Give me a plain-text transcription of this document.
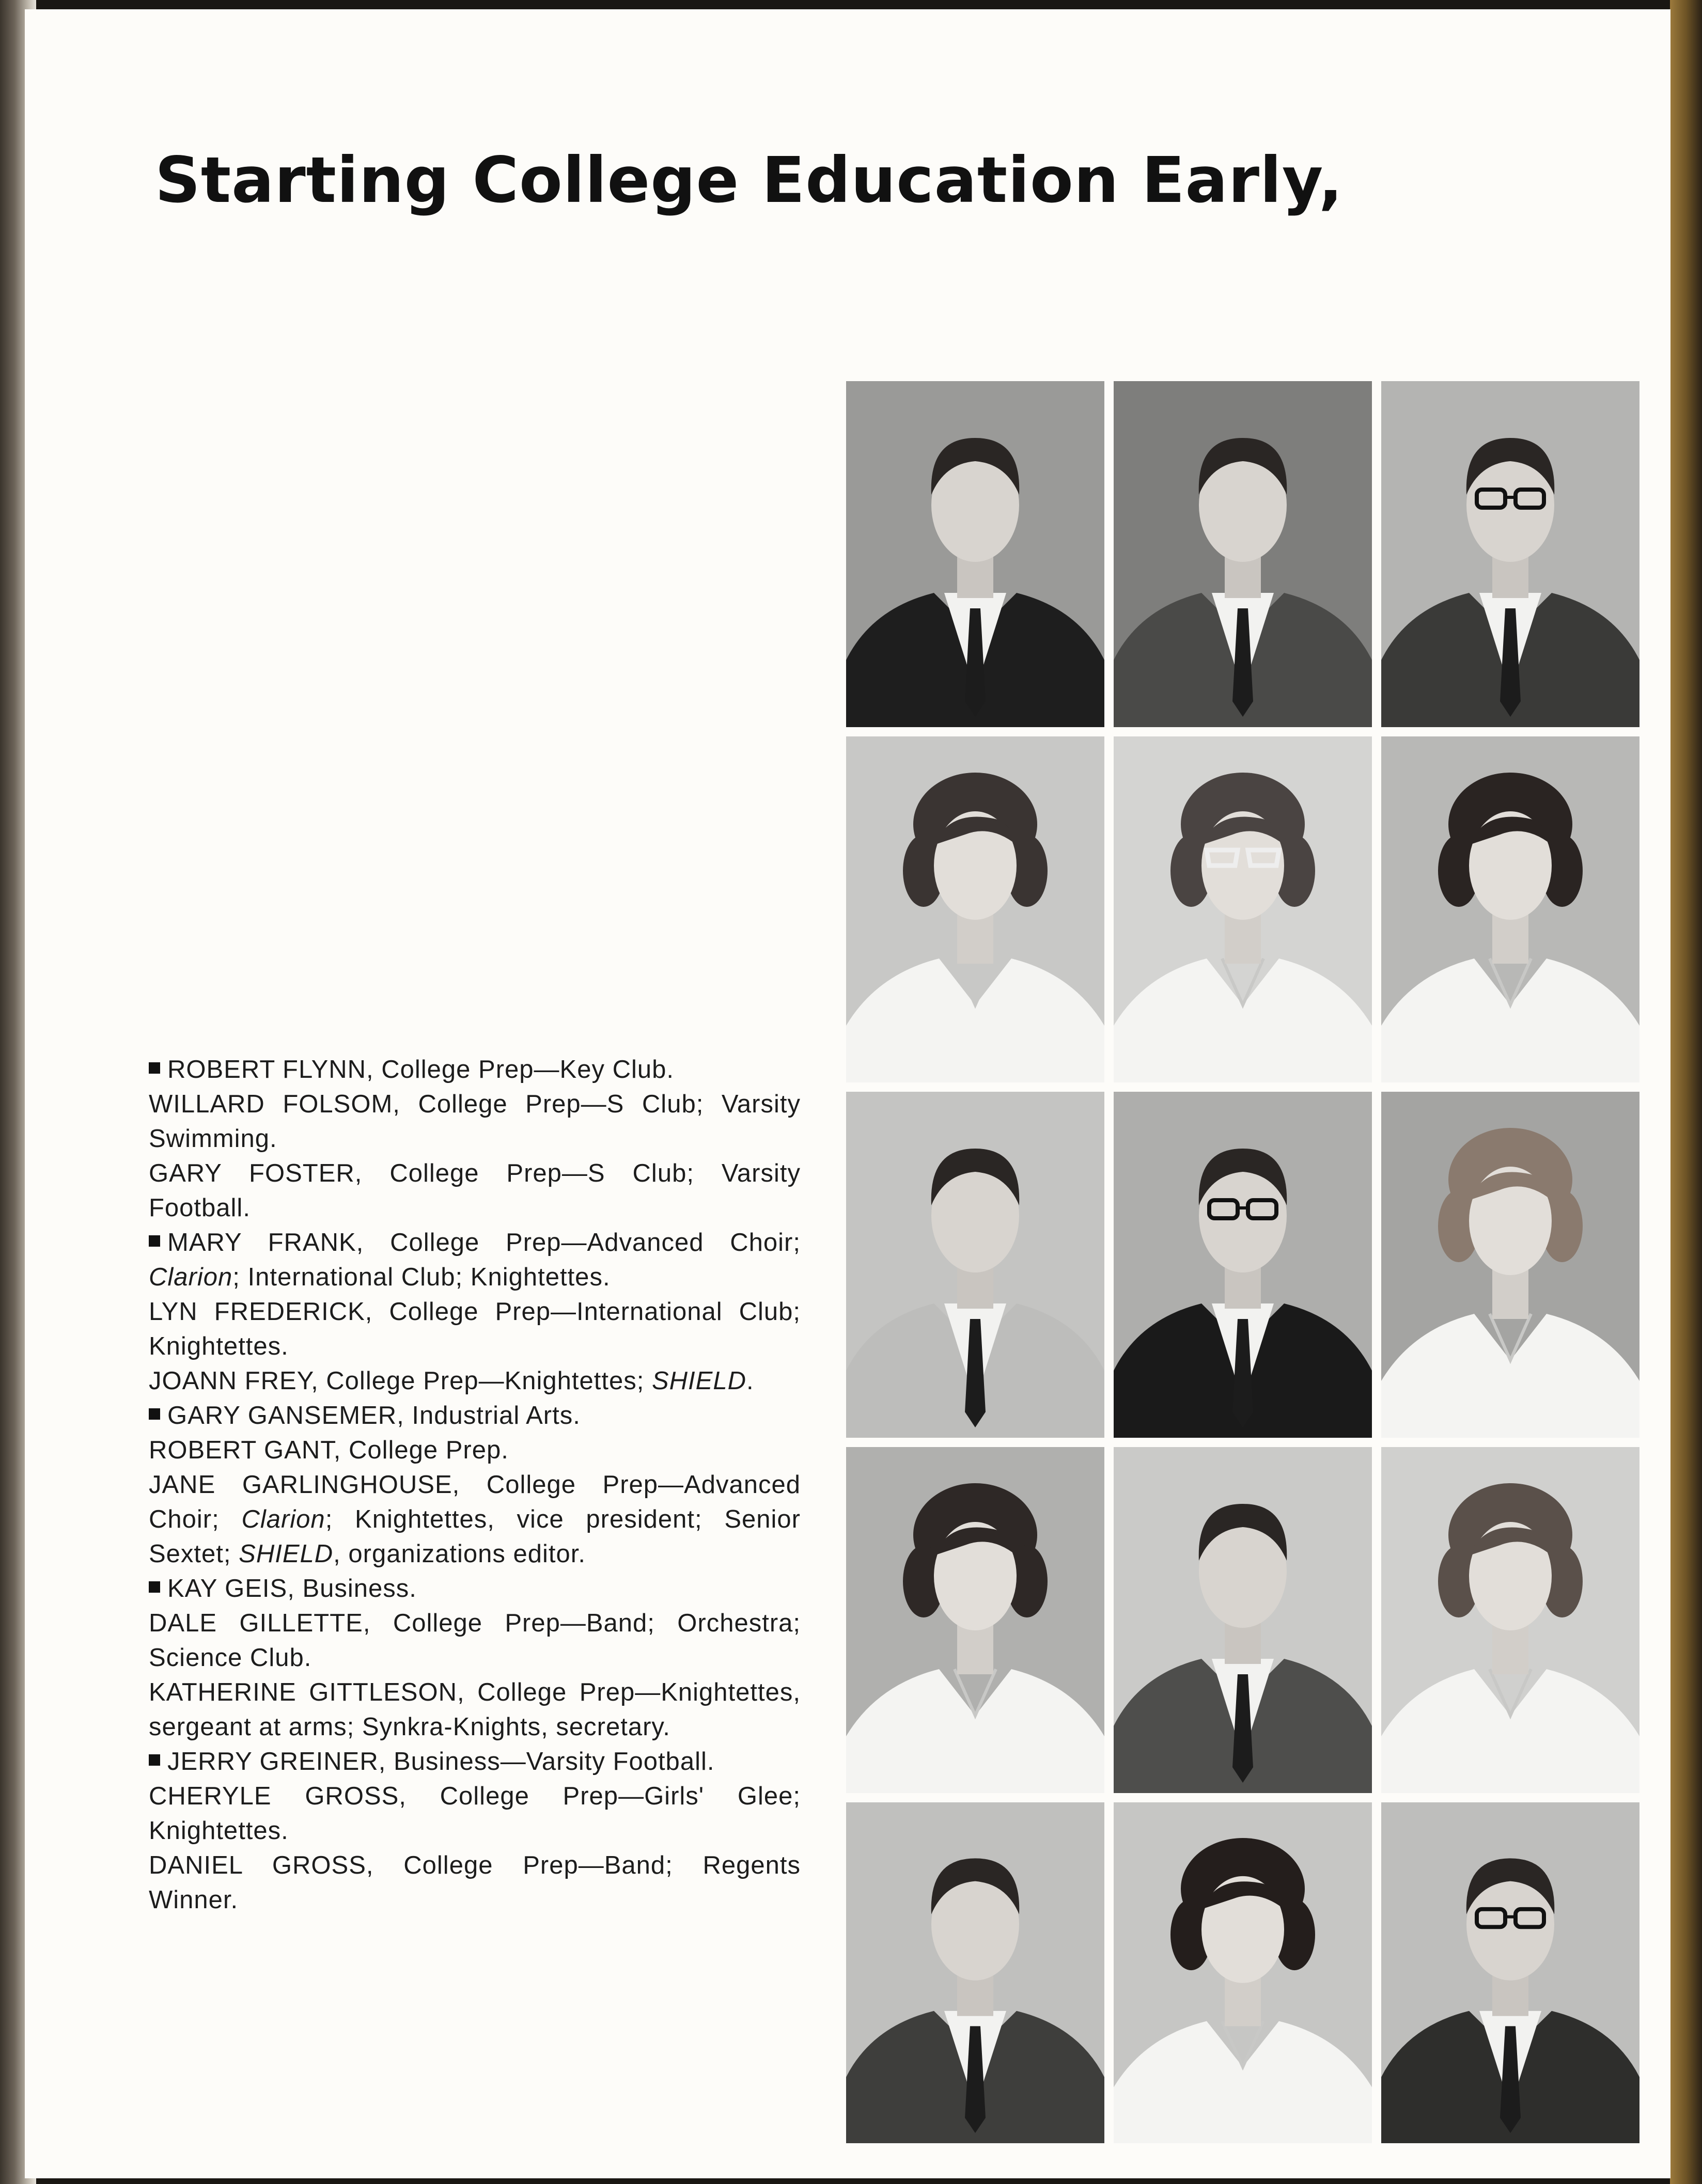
Starting College Education Early,

ROBERT FLYNN, College Prep—Key Club.

WILLARD FOLSOM, College Prep—S Club; Varsity Swimming.

GARY FOSTER, College Prep—S Club; Varsity Football.

MARY FRANK, College Prep—Advanced Choir; Clarion; International Club; Knightettes.

LYN FREDERICK, College Prep—International Club; Knightettes.

JOANN FREY, College Prep—Knightettes; SHIELD.

GARY GANSEMER, Industrial Arts.

ROBERT GANT, College Prep.

JANE GARLINGHOUSE, College Prep—Advanced Choir; Clarion; Knightettes, vice president; Senior Sextet; SHIELD, organizations editor.

KAY GEIS, Business.

DALE GILLETTE, College Prep—Band; Orchestra; Science Club.

KATHERINE GITTLESON, College Prep—Knightettes, sergeant at arms; Synkra-Knights, secretary.

JERRY GREINER, Business—Varsity Football.

CHERYLE GROSS, College Prep—Girls' Glee; Knightettes.

DANIEL GROSS, College Prep—Band; Regents Winner.
